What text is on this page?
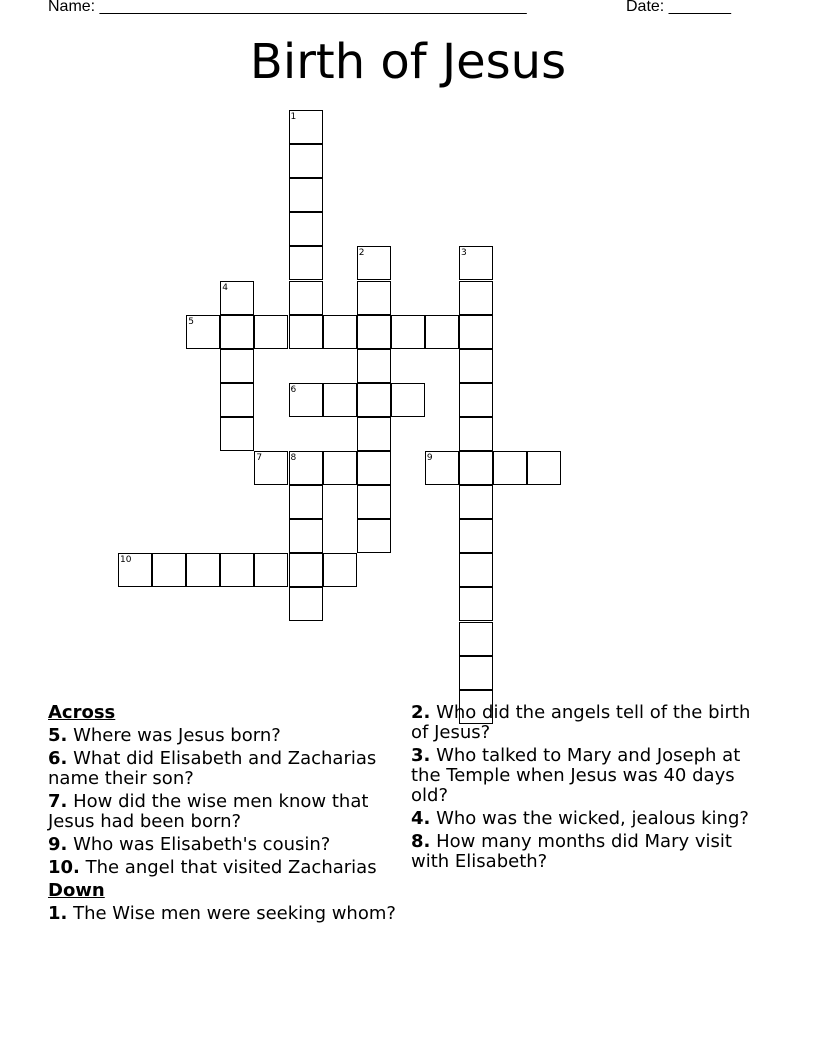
Name: ________________________________________________	Date: _______
Birth of Jesus
1
2	3
4
5
6
7	8	9
10
Across
5. Where was Jesus born?
6. What did Elisabeth and Zacharias name their son?
7. How did the wise men know that Jesus had been born?
9. Who was Elisabeth's cousin?
10. The angel that visited Zacharias
Down
1. The Wise men were seeking whom?
2. Who did the angels tell of the birth of Jesus?
3. Who talked to Mary and Joseph at the Temple when Jesus was 40 days old?
4. Who was the wicked, jealous king?
8. How many months did Mary visit with Elisabeth?
